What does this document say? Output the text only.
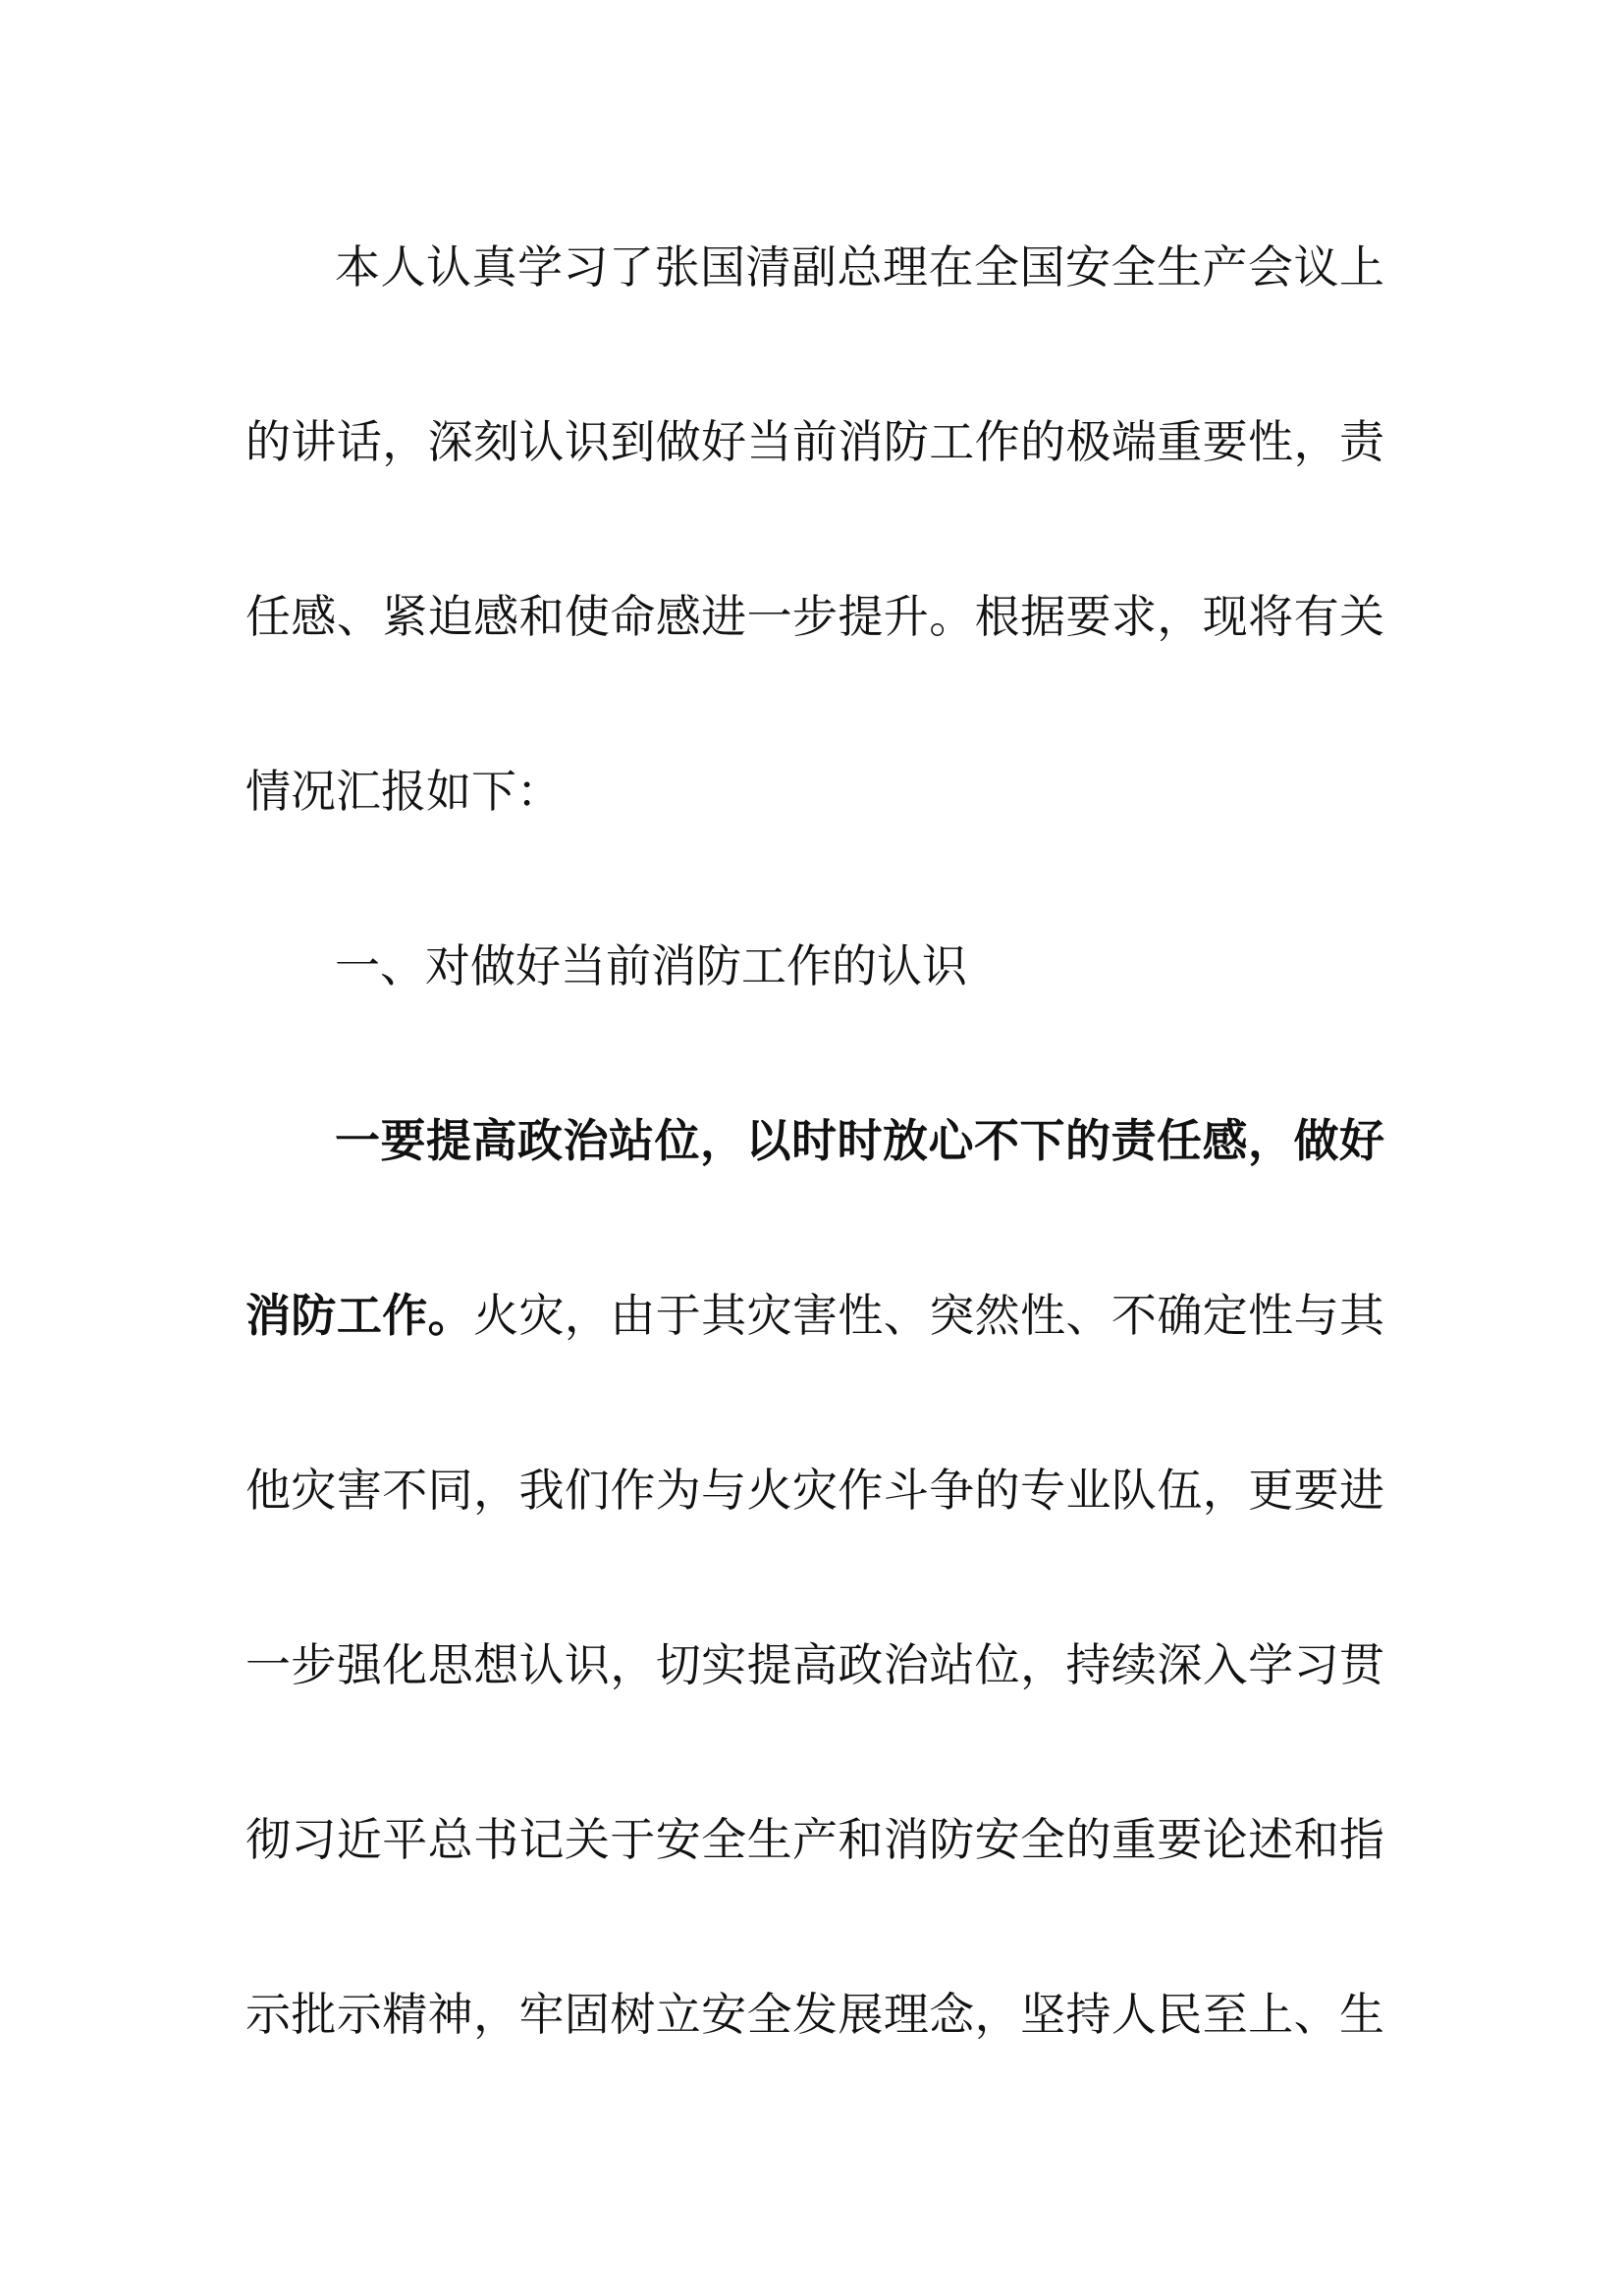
本人认真学习了张国清副总理在全国安全生产会议上
的讲话，深刻认识到做好当前消防工作的极端重要性，责
任感、紧迫感和使命感进一步提升。根据要求，现将有关
情况汇报如下：
一、对做好当前消防工作的认识
一要提高政治站位，以时时放心不下的责任感，做好
消防工作。火灾，由于其灾害性、突然性、不确定性与其
他灾害不同，我们作为与火灾作斗争的专业队伍，更要进
一步强化思想认识，切实提高政治站位，持续深入学习贯
彻习近平总书记关于安全生产和消防安全的重要论述和指
示批示精神，牢固树立安全发展理念，坚持人民至上、生
